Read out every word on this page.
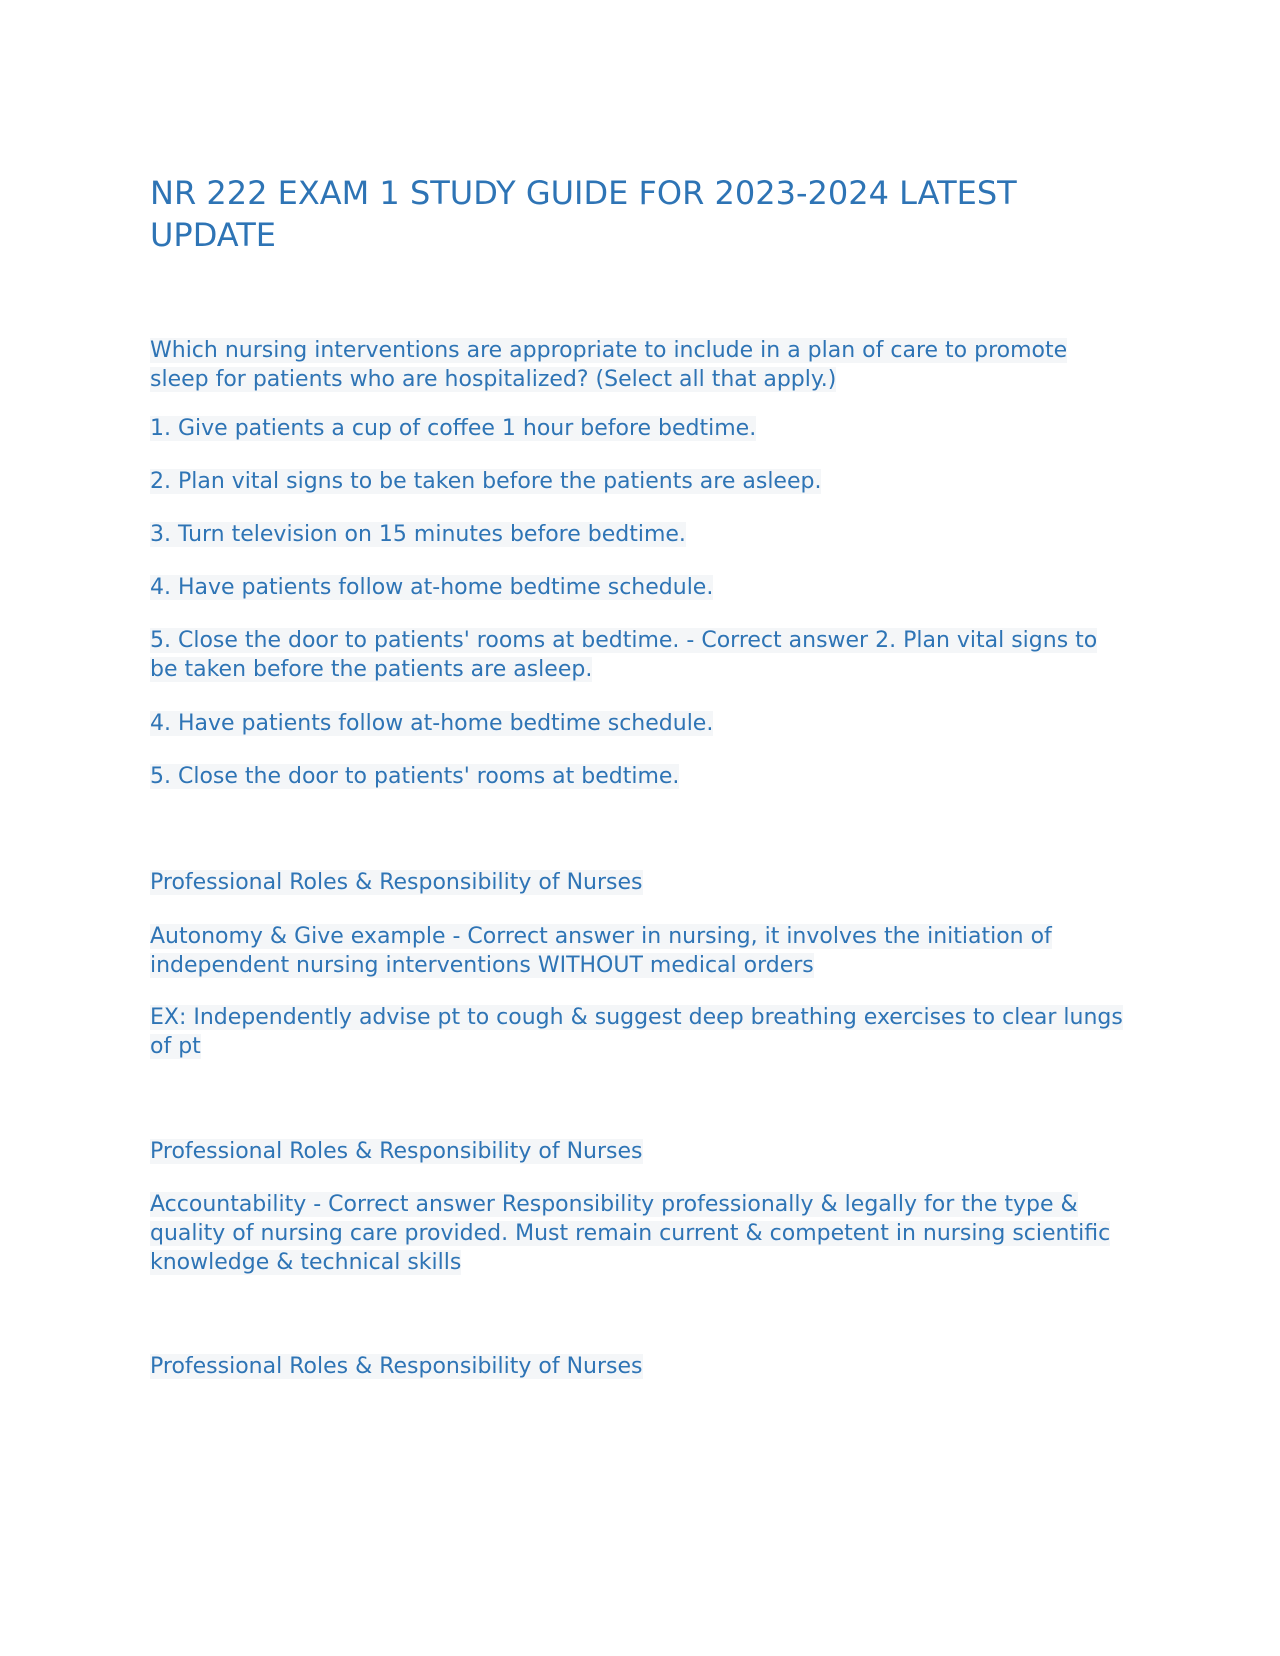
NR 222 EXAM 1 STUDY GUIDE FOR 2023-2024 LATEST UPDATE

Which nursing interventions are appropriate to include in a plan of care to promote sleep for patients who are hospitalized? (Select all that apply.)

1. Give patients a cup of coffee 1 hour before bedtime.

2. Plan vital signs to be taken before the patients are asleep.

3. Turn television on 15 minutes before bedtime.

4. Have patients follow at-home bedtime schedule.

5. Close the door to patients' rooms at bedtime. - Correct answer 2. Plan vital signs to be taken before the patients are asleep.

4. Have patients follow at-home bedtime schedule.

5. Close the door to patients' rooms at bedtime.

Professional Roles & Responsibility of Nurses

Autonomy & Give example - Correct answer in nursing, it involves the initiation of independent nursing interventions WITHOUT medical orders

EX: Independently advise pt to cough & suggest deep breathing exercises to clear lungs of pt

Professional Roles & Responsibility of Nurses

Accountability - Correct answer Responsibility professionally & legally for the type & quality of nursing care provided. Must remain current & competent in nursing scientific knowledge & technical skills

Professional Roles & Responsibility of Nurses
